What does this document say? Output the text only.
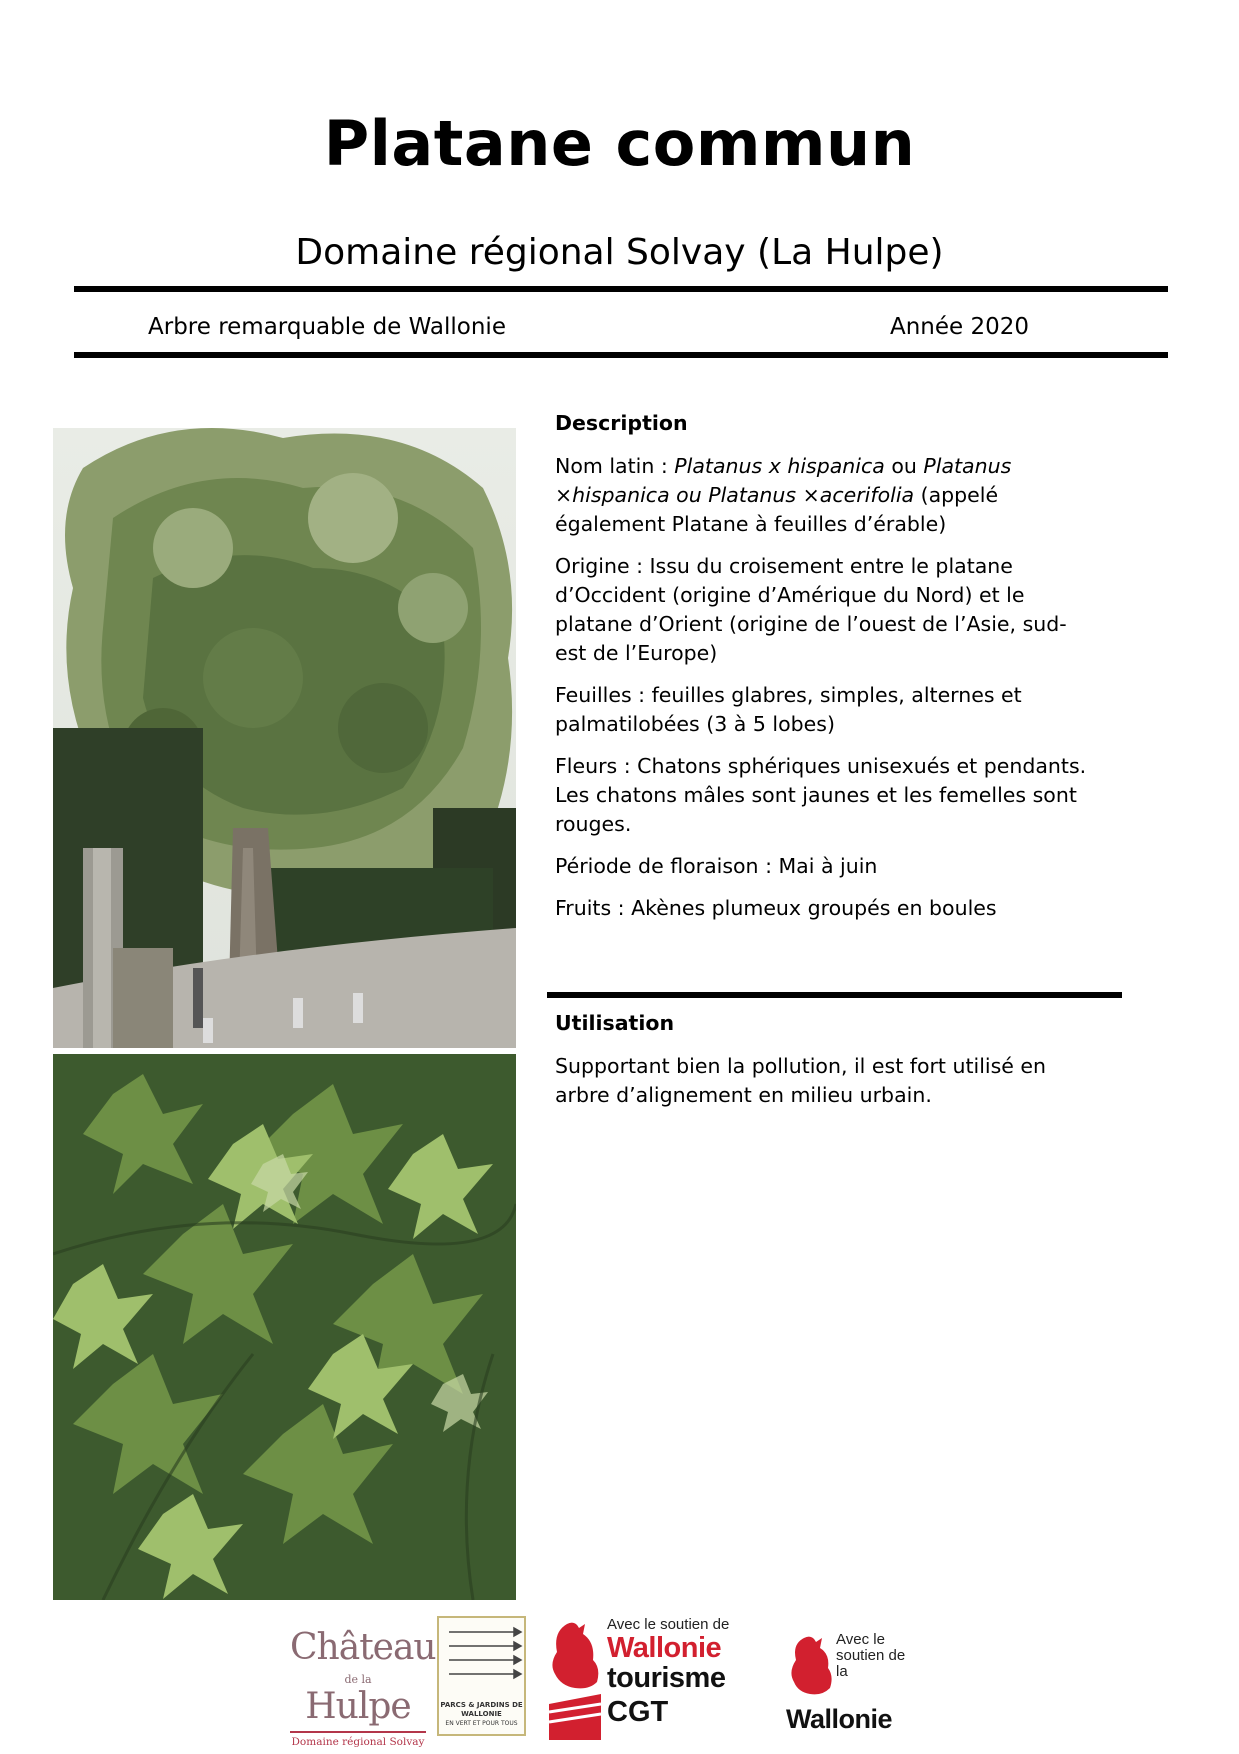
Platane commun
Domaine régional Solvay (La Hulpe)
Arbre remarquable de Wallonie	Année 2020
Description

Nom latin : Platanus x hispanica ou Platanus ×hispanica ou Platanus ×acerifolia (appelé également Platane à feuilles d’érable)

Origine : Issu du croisement entre le platane d’Occident (origine d’Amérique du Nord) et le platane d’Orient (origine de l’ouest de l’Asie, sud-est de l’Europe)

Feuilles : feuilles glabres, simples, alternes et palmatilobées (3 à 5 lobes)

Fleurs : Chatons sphériques unisexués et pendants. Les chatons mâles sont jaunes et les femelles sont rouges.

Période de floraison : Mai à juin

Fruits : Akènes plumeux groupés en boules

Utilisation

Supportant bien la pollution, il est fort utilisé en arbre d’alignement en milieu urbain.

Château
de la Hulpe
Domaine régional Solvay
PARCS & JARDINS DE WALLONIE
EN VERT ET POUR TOUS
Avec le soutien de
Wallonie
tourisme
CGT
Avec le soutien de la
Wallonie
